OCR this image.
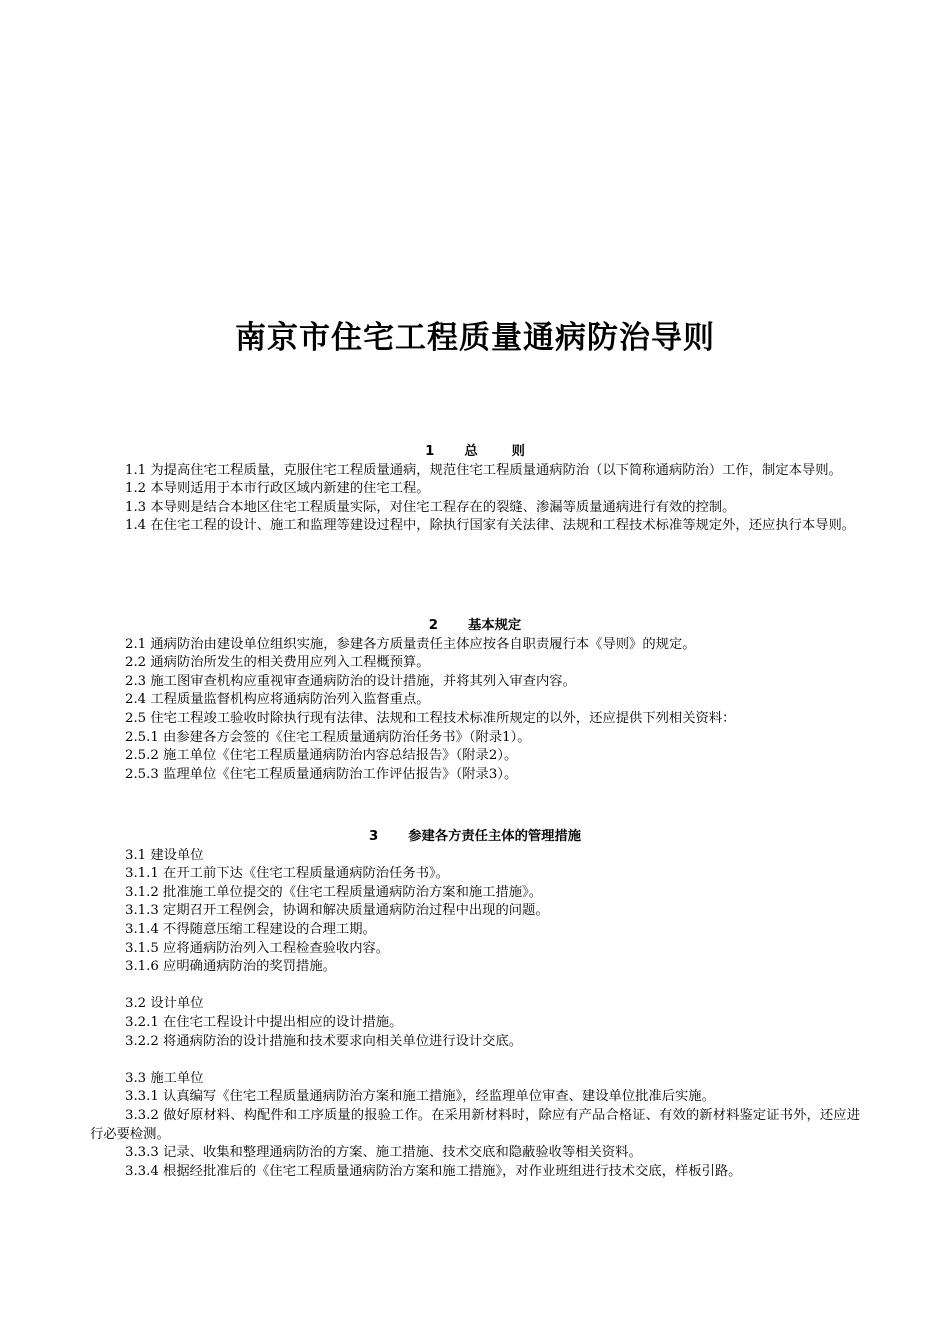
南京市住宅工程质量通病防治导则

1 总则

1.1 为提高住宅工程质量，克服住宅工程质量通病，规范住宅工程质量通病防治（以下简称通病防治）工作，制定本导则。

1.2 本导则适用于本市行政区域内新建的住宅工程。

1.3 本导则是结合本地区住宅工程质量实际，对住宅工程存在的裂缝、渗漏等质量通病进行有效的控制。

1.4 在住宅工程的设计、施工和监理等建设过程中，除执行国家有关法律、法规和工程技术标准等规定外，还应执行本导则。

2 基本规定

2.1 通病防治由建设单位组织实施，参建各方质量责任主体应按各自职责履行本《导则》的规定。

2.2 通病防治所发生的相关费用应列入工程概预算。

2.3 施工图审查机构应重视审查通病防治的设计措施，并将其列入审查内容。

2.4 工程质量监督机构应将通病防治列入监督重点。

2.5 住宅工程竣工验收时除执行现有法律、法规和工程技术标准所规定的以外，还应提供下列相关资料：

2.5.1 由参建各方会签的《住宅工程质量通病防治任务书》（附录1）。

2.5.2 施工单位《住宅工程质量通病防治内容总结报告》（附录2）。

2.5.3 监理单位《住宅工程质量通病防治工作评估报告》（附录3）。

3 参建各方责任主体的管理措施

3.1 建设单位

3.1.1 在开工前下达《住宅工程质量通病防治任务书》。

3.1.2 批准施工单位提交的《住宅工程质量通病防治方案和施工措施》。

3.1.3 定期召开工程例会，协调和解决质量通病防治过程中出现的问题。

3.1.4 不得随意压缩工程建设的合理工期。

3.1.5 应将通病防治列入工程检查验收内容。

3.1.6 应明确通病防治的奖罚措施。

3.2 设计单位

3.2.1 在住宅工程设计中提出相应的设计措施。

3.2.2 将通病防治的设计措施和技术要求向相关单位进行设计交底。

3.3 施工单位

3.3.1 认真编写《住宅工程质量通病防治方案和施工措施》，经监理单位审查、建设单位批准后实施。

3.3.2 做好原材料、构配件和工序质量的报验工作。在采用新材料时，除应有产品合格证、有效的新材料鉴定证书外，还应进行必要检测。

3.3.3 记录、收集和整理通病防治的方案、施工措施、技术交底和隐蔽验收等相关资料。

3.3.4 根据经批准后的《住宅工程质量通病防治方案和施工措施》，对作业班组进行技术交底，样板引路。
